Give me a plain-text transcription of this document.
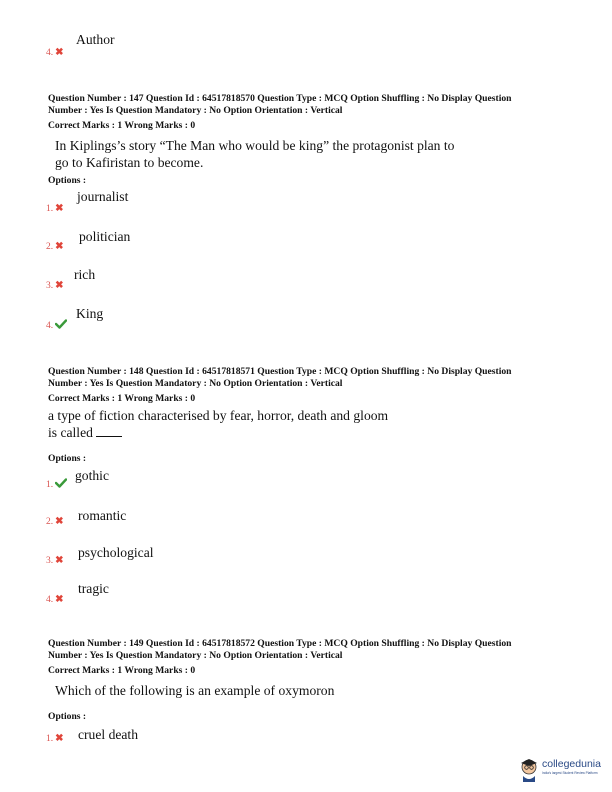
Author
4. ✖
Question Number : 147 Question Id : 64517818570 Question Type : MCQ Option Shuffling : No Display Question
Number : Yes Is Question Mandatory : No Option Orientation : Vertical
Correct Marks : 1 Wrong Marks : 0
In Kiplings’s story “The Man who would be king” the protagonist plan to
go to Kafiristan to become.
Options :
journalist
1. ✖
politician
2. ✖
rich
3. ✖
King
4.
Question Number : 148 Question Id : 64517818571 Question Type : MCQ Option Shuffling : No Display Question
Number : Yes Is Question Mandatory : No Option Orientation : Vertical
Correct Marks : 1 Wrong Marks : 0
a type of fiction characterised by fear, horror, death and gloom
is called
Options :
gothic
1.
romantic
2. ✖
psychological
3. ✖
tragic
4. ✖
Question Number : 149 Question Id : 64517818572 Question Type : MCQ Option Shuffling : No Display Question
Number : Yes Is Question Mandatory : No Option Orientation : Vertical
Correct Marks : 1 Wrong Marks : 0
Which of the following is an example of oxymoron
Options :
cruel death
1. ✖
collegedunia
India's largest Student Review Platform
